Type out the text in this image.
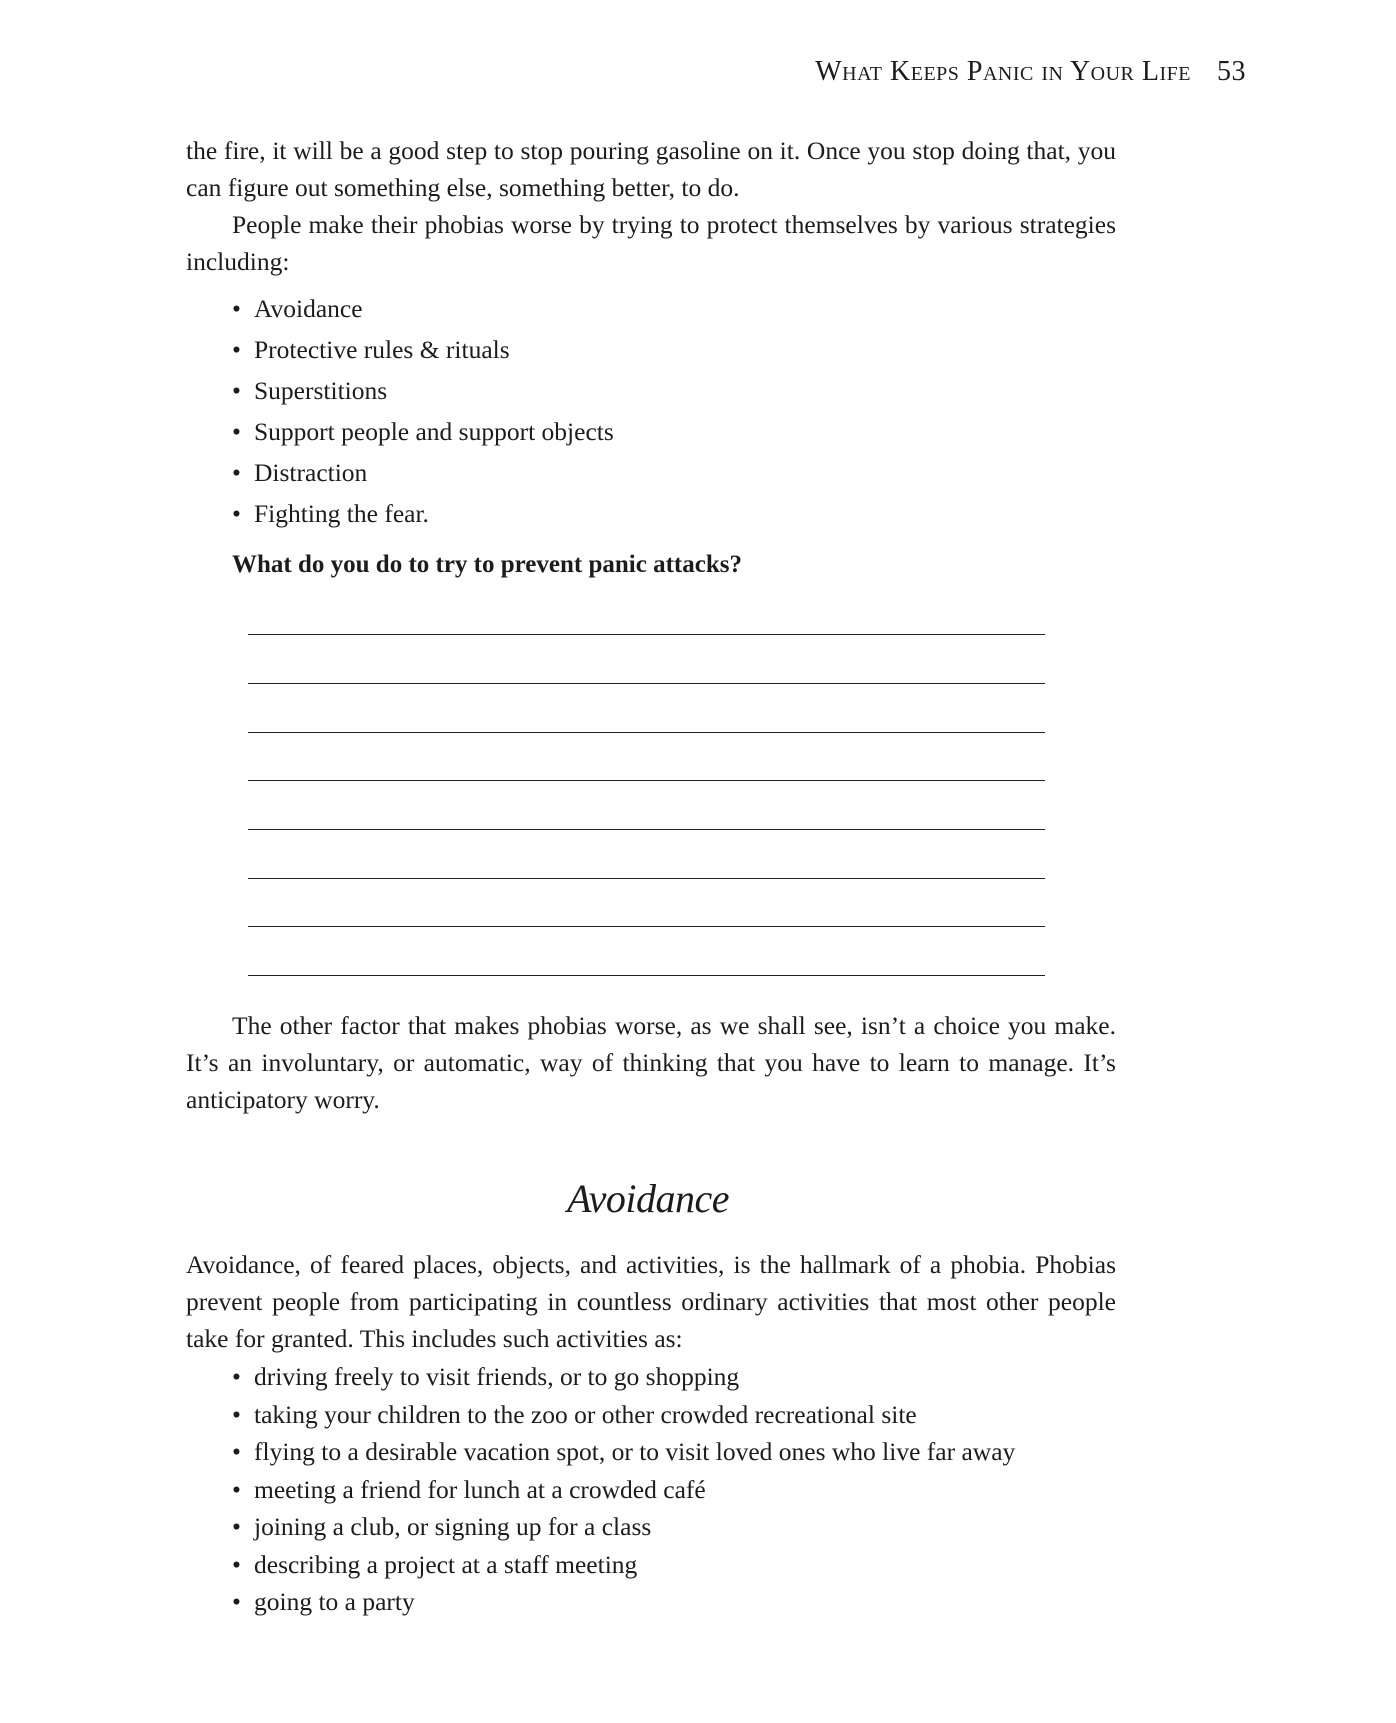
What Keeps Panic in Your Life 53

the fire, it will be a good step to stop pouring gasoline on it. Once you stop doing that, you can figure out something else, something better, to do.

People make their phobias worse by trying to protect themselves by various strategies including:

• Avoidance
• Protective rules & rituals
• Superstitions
• Support people and support objects
• Distraction
• Fighting the fear.
What do you do to try to prevent panic attacks?

The other factor that makes phobias worse, as we shall see, isn’t a choice you make. It’s an involuntary, or automatic, way of thinking that you have to learn to manage. It’s anticipatory worry.

Avoidance

Avoidance, of feared places, objects, and activities, is the hallmark of a phobia. Phobias prevent people from participating in countless ordinary activities that most other people take for granted. This includes such activities as:

• driving freely to visit friends, or to go shopping
• taking your children to the zoo or other crowded recreational site
• flying to a desirable vacation spot, or to visit loved ones who live far away
• meeting a friend for lunch at a crowded café
• joining a club, or signing up for a class
• describing a project at a staff meeting
• going to a party
